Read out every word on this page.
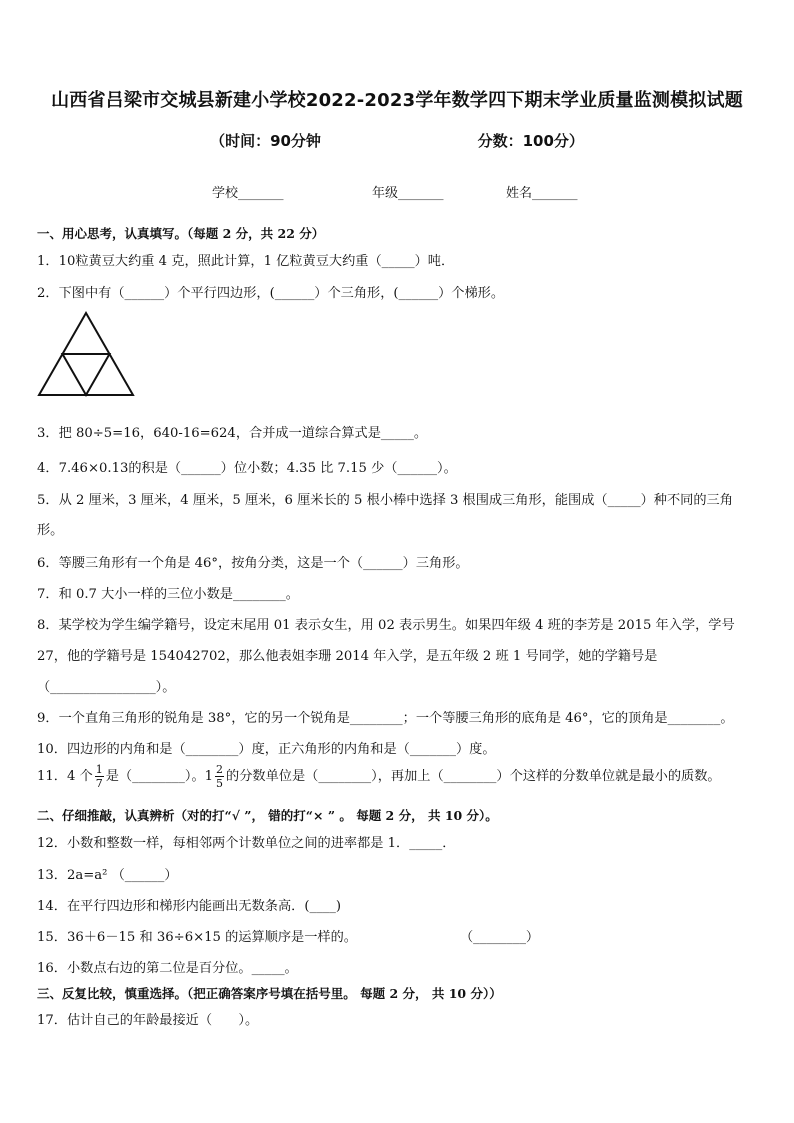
山西省吕梁市交城县新建小学校2022-2023学年数学四下期末学业质量监测模拟试题
（时间：90分钟	分数：100分）
学校_______	年级_______	姓名_______
一、用心思考，认真填写。（每题 2 分，共 22 分）
1．10粒黄豆大约重 4 克，照此计算，1 亿粒黄豆大约重（_____）吨．
2．下图中有（______）个平行四边形，(______）个三角形，(______）个梯形。
3．把 80÷5=16，640-16=624，合并成一道综合算式是_____。
4．7.46×0.13的积是（______）位小数；4.35 比 7.15 少（______）。
5．从 2 厘米，3 厘米，4 厘米，5 厘米，6 厘米长的 5 根小棒中选择 3 根围成三角形，能围成（_____）种不同的三角
形。
6．等腰三角形有一个角是 46°，按角分类，这是一个（______）三角形。
7．和 0.7 大小一样的三位小数是________。
8．某学校为学生编学籍号，设定末尾用 01 表示女生，用 02 表示男生。如果四年级 4 班的李芳是 2015 年入学，学号
27，他的学籍号是 154042702，那么他表姐李珊 2014 年入学，是五年级 2 班 1 号同学，她的学籍号是
（________________）。
9．一个直角三角形的锐角是 38°，它的另一个锐角是________；一个等腰三角形的底角是 46°，它的顶角是________。
10．四边形的内角和是（________）度，正六角形的内角和是（_______）度。
11．4 个 $\frac{1}{7}$ 是（________）。$1 \frac{2}{5}$ 的分数单位是（________），再加上（________）个这样的分数单位就是最小的质数。
二、仔细推敲，认真辨析（对的打“√ ”， 错的打“× ” 。 每题 2 分， 共 10 分）。
12．小数和整数一样，每相邻两个计数单位之间的进率都是 1．_____．
13．2a=a² （______）
14．在平行四边形和梯形内能画出无数条高．(____)
15．36＋6－15 和 36÷6×15 的运算顺序是一样的。	（________）
16．小数点右边的第二位是百分位。_____。
三、反复比较，慎重选择。（把正确答案序号填在括号里。 每题 2 分， 共 10 分））
17．估计自己的年龄最接近（　　）。
